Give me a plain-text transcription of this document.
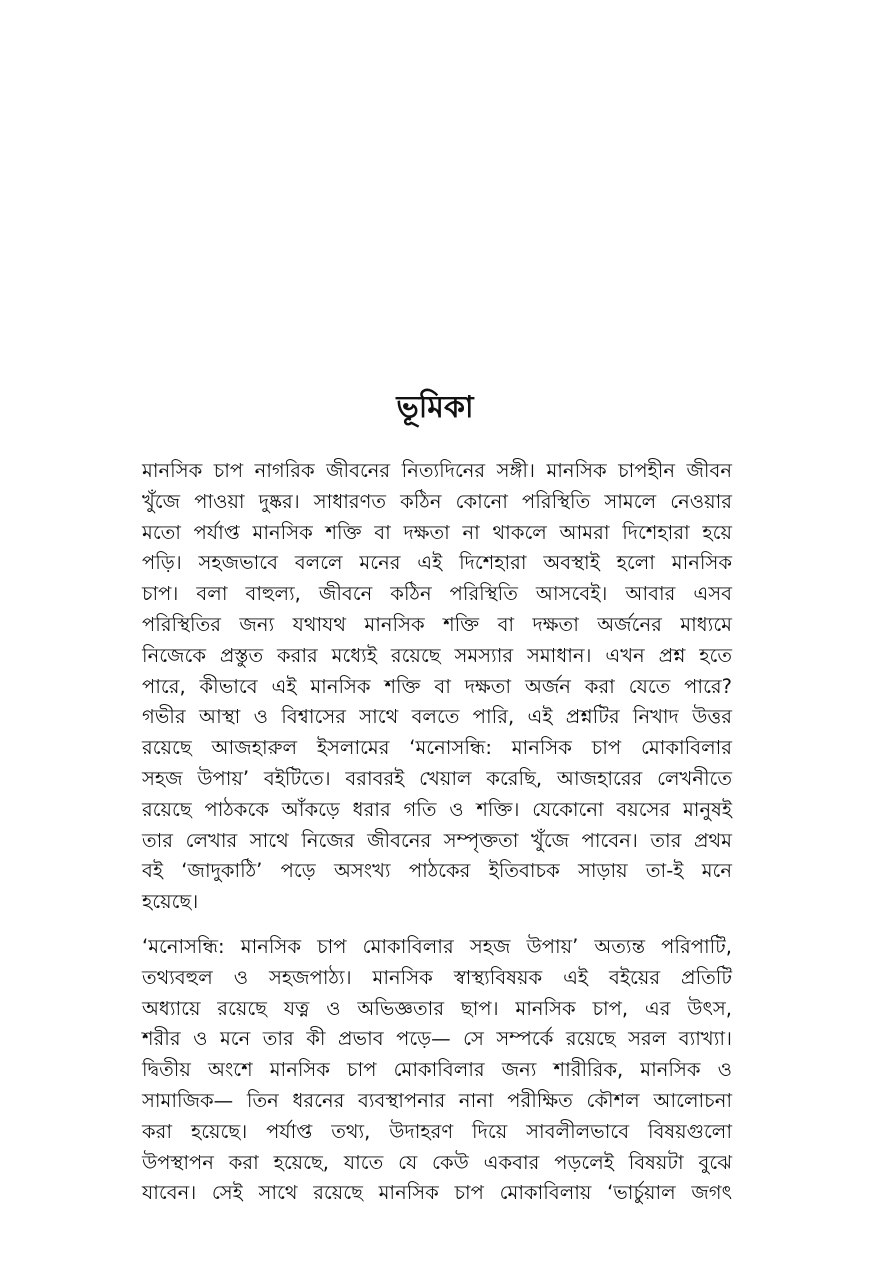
ভূমিকা
মানসিক চাপ নাগরিক জীবনের নিত্যদিনের সঙ্গী। মানসিক চাপহীন জীবন
খুঁজে পাওয়া দুষ্কর। সাধারণত কঠিন কোনো পরিস্থিতি সামলে নেওয়ার
মতো পর্যাপ্ত মানসিক শক্তি বা দক্ষতা না থাকলে আমরা দিশেহারা হয়ে
পড়ি। সহজভাবে বললে মনের এই দিশেহারা অবস্থাই হলো মানসিক
চাপ। বলা বাহুল্য, জীবনে কঠিন পরিস্থিতি আসবেই। আবার এসব
পরিস্থিতির জন্য যথাযথ মানসিক শক্তি বা দক্ষতা অর্জনের মাধ্যমে
নিজেকে প্রস্তুত করার মধ্যেই রয়েছে সমস্যার সমাধান। এখন প্রশ্ন হতে
পারে, কীভাবে এই মানসিক শক্তি বা দক্ষতা অর্জন করা যেতে পারে?
গভীর আস্থা ও বিশ্বাসের সাথে বলতে পারি, এই প্রশ্নটির নিখাদ উত্তর
রয়েছে আজহারুল ইসলামের ‘মনোসন্ধি: মানসিক চাপ মোকাবিলার
সহজ উপায়’ বইটিতে। বরাবরই খেয়াল করেছি, আজহারের লেখনীতে
রয়েছে পাঠককে আঁকড়ে ধরার গতি ও শক্তি। যেকোনো বয়সের মানুষই
তার লেখার সাথে নিজের জীবনের সম্পৃক্ততা খুঁজে পাবেন। তার প্রথম
বই ‘জাদুকাঠি’ পড়ে অসংখ্য পাঠকের ইতিবাচক সাড়ায় তা-ই মনে
হয়েছে।
‘মনোসন্ধি: মানসিক চাপ মোকাবিলার সহজ উপায়’ অত্যন্ত পরিপাটি,
তথ্যবহুল ও সহজপাঠ্য। মানসিক স্বাস্থ্যবিষয়ক এই বইয়ের প্রতিটি
অধ্যায়ে রয়েছে যত্ন ও অভিজ্ঞতার ছাপ। মানসিক চাপ, এর উৎস,
শরীর ও মনে তার কী প্রভাব পড়ে— সে সম্পর্কে রয়েছে সরল ব্যাখ্যা।
দ্বিতীয় অংশে মানসিক চাপ মোকাবিলার জন্য শারীরিক, মানসিক ও
সামাজিক— তিন ধরনের ব্যবস্থাপনার নানা পরীক্ষিত কৌশল আলোচনা
করা হয়েছে। পর্যাপ্ত তথ্য, উদাহরণ দিয়ে সাবলীলভাবে বিষয়গুলো
উপস্থাপন করা হয়েছে, যাতে যে কেউ একবার পড়লেই বিষয়টা বুঝে
যাবেন। সেই সাথে রয়েছে মানসিক চাপ মোকাবিলায় ‘ভার্চুয়াল জগৎ
